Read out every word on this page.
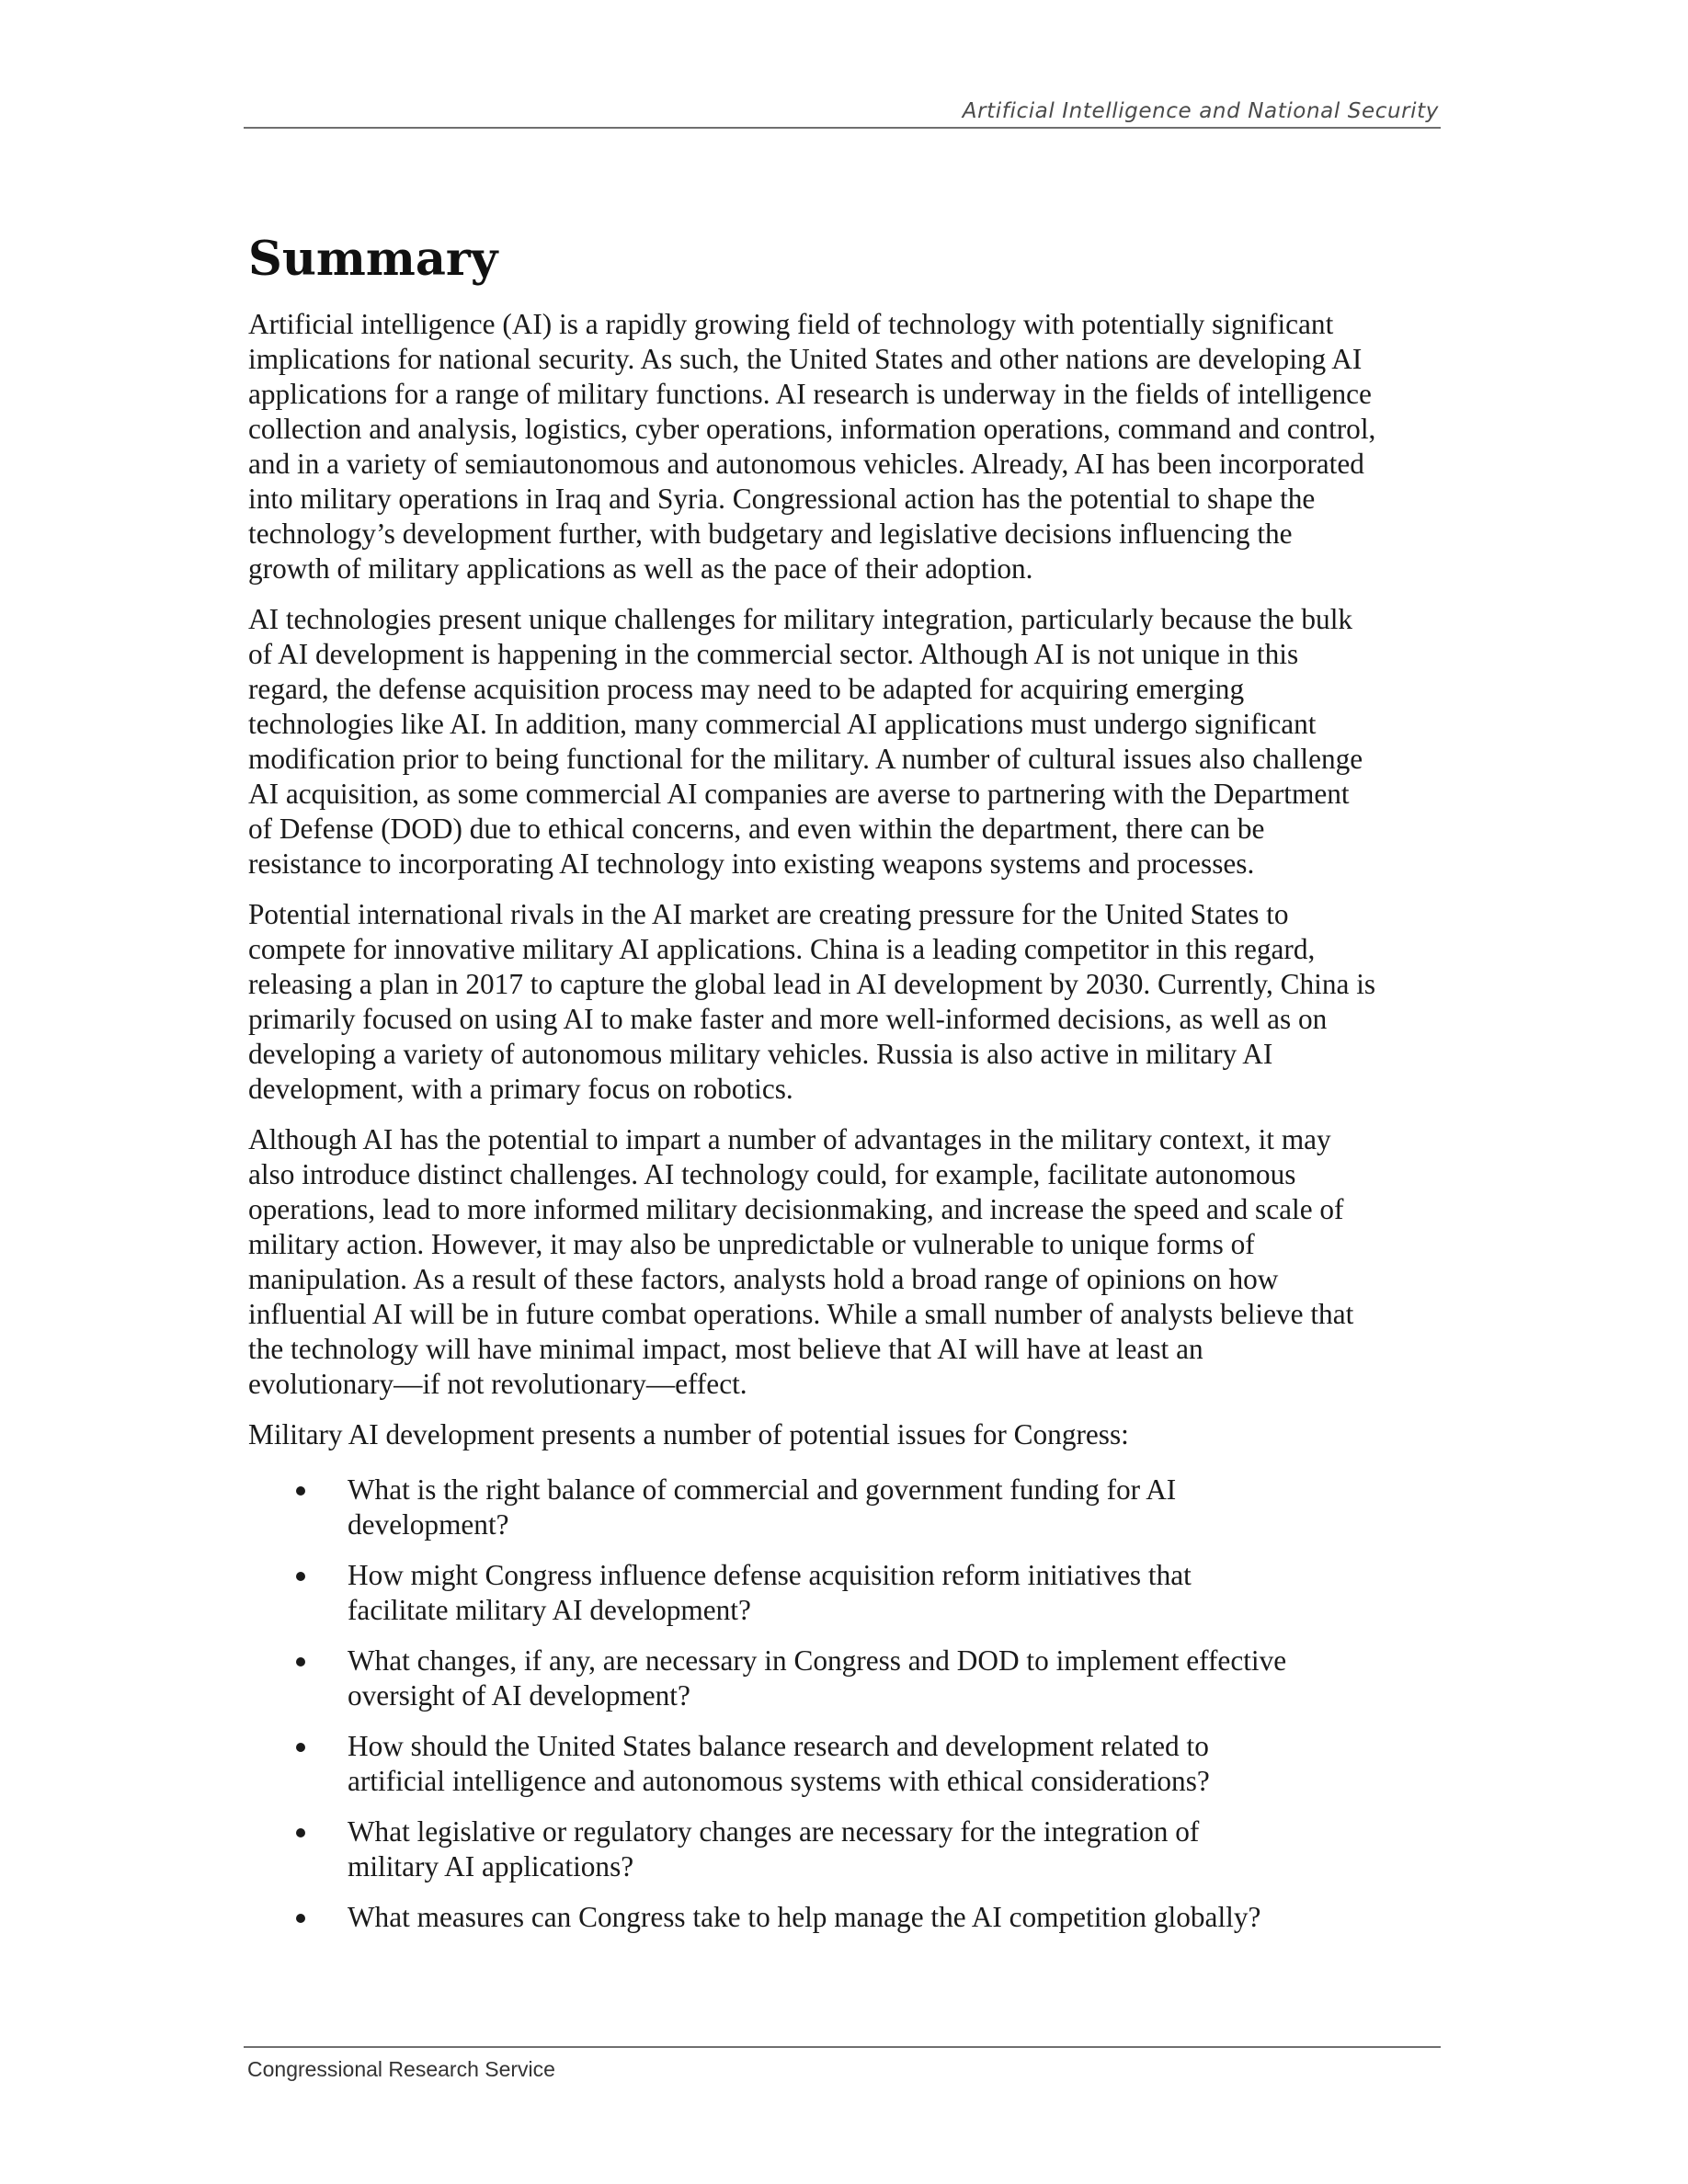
Artificial Intelligence and National Security
Summary

Artificial intelligence (AI) is a rapidly growing field of technology with potentially significant
implications for national security. As such, the United States and other nations are developing AI
applications for a range of military functions. AI research is underway in the fields of intelligence
collection and analysis, logistics, cyber operations, information operations, command and control,
and in a variety of semiautonomous and autonomous vehicles. Already, AI has been incorporated
into military operations in Iraq and Syria. Congressional action has the potential to shape the
technology’s development further, with budgetary and legislative decisions influencing the
growth of military applications as well as the pace of their adoption.

AI technologies present unique challenges for military integration, particularly because the bulk
of AI development is happening in the commercial sector. Although AI is not unique in this
regard, the defense acquisition process may need to be adapted for acquiring emerging
technologies like AI. In addition, many commercial AI applications must undergo significant
modification prior to being functional for the military. A number of cultural issues also challenge
AI acquisition, as some commercial AI companies are averse to partnering with the Department
of Defense (DOD) due to ethical concerns, and even within the department, there can be
resistance to incorporating AI technology into existing weapons systems and processes.

Potential international rivals in the AI market are creating pressure for the United States to
compete for innovative military AI applications. China is a leading competitor in this regard,
releasing a plan in 2017 to capture the global lead in AI development by 2030. Currently, China is
primarily focused on using AI to make faster and more well-informed decisions, as well as on
developing a variety of autonomous military vehicles. Russia is also active in military AI
development, with a primary focus on robotics.

Although AI has the potential to impart a number of advantages in the military context, it may
also introduce distinct challenges. AI technology could, for example, facilitate autonomous
operations, lead to more informed military decisionmaking, and increase the speed and scale of
military action. However, it may also be unpredictable or vulnerable to unique forms of
manipulation. As a result of these factors, analysts hold a broad range of opinions on how
influential AI will be in future combat operations. While a small number of analysts believe that
the technology will have minimal impact, most believe that AI will have at least an
evolutionary—if not revolutionary—effect.

Military AI development presents a number of potential issues for Congress:

What is the right balance of commercial and government funding for AI
development?
How might Congress influence defense acquisition reform initiatives that
facilitate military AI development?
What changes, if any, are necessary in Congress and DOD to implement effective
oversight of AI development?
How should the United States balance research and development related to
artificial intelligence and autonomous systems with ethical considerations?
What legislative or regulatory changes are necessary for the integration of
military AI applications?
What measures can Congress take to help manage the AI competition globally?
Congressional Research Service
